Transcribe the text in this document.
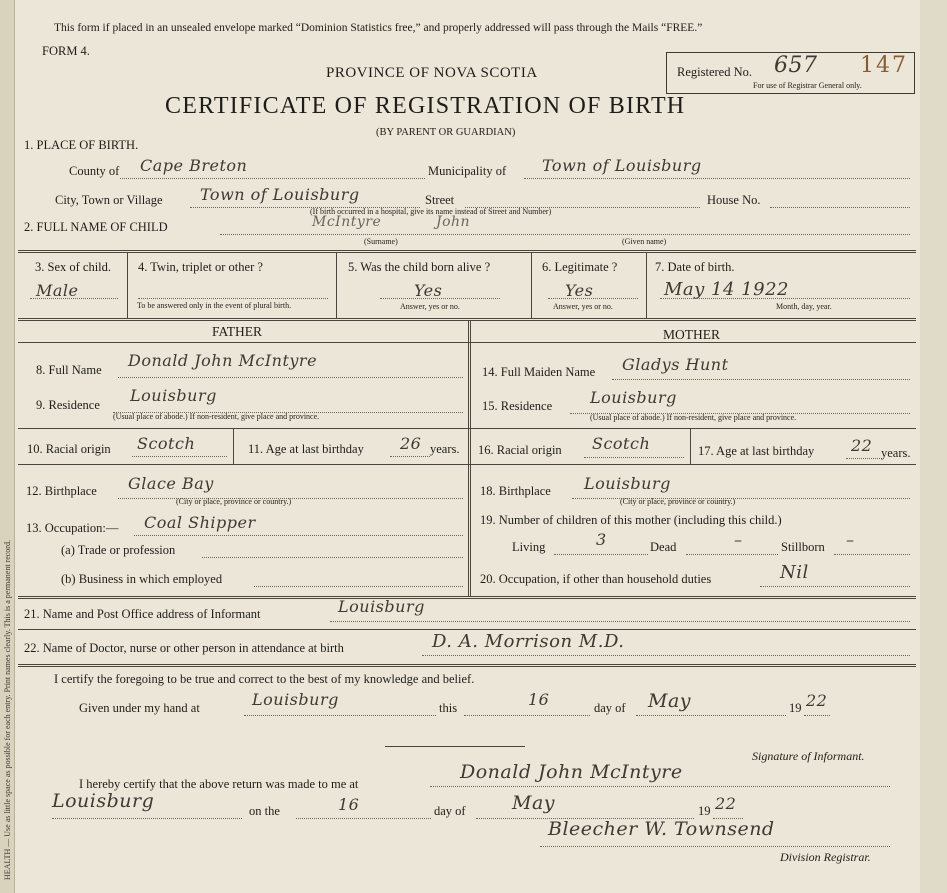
HEALTH — Use as little space as possible for each entry. Print names clearly. This is a permanent record.
This form if placed in an unsealed envelope marked “Dominion Statistics free,” and properly addressed will pass through the Mails “FREE.”
FORM 4.
PROVINCE OF NOVA SCOTIA
CERTIFICATE OF REGISTRATION OF BIRTH
(BY PARENT OR GUARDIAN)
Registered No. 657 147
For use of Registrar General only.
1. PLACE OF BIRTH.
County of Cape Breton	Municipality of Town of Louisburg
City, Town or Village Town of Louisburg	Street
(If birth occurred in a hospital, give its name instead of Street and Number)
House No.
2. FULL NAME OF CHILD	McIntyre	John
(Surname)	(Given name)
3. Sex of child.
Male
4. Twin, triplet or other ?
To be answered only in the event of plural birth.
5. Was the child born alive ?
Yes
Answer, yes or no.
6. Legitimate ?
Yes
Answer, yes or no.
7. Date of birth.
May 14 1922
Month, day, year.
FATHER	MOTHER
8. Full Name Donald John McIntyre
9. Residence Louisburg
(Usual place of abode.) If non-resident, give place and province.
10. Racial origin Scotch	11. Age at last birthday 26 years.
12. Birthplace Glace Bay
(City or place, province or country.)
13. Occupation:— Coal Shipper
(a) Trade or profession
(b) Business in which employed
14. Full Maiden Name Gladys Hunt
15. Residence Louisburg
(Usual place of abode.) If non-resident, give place and province.
16. Racial origin Scotch	17. Age at last birthday 22 years.
18. Birthplace Louisburg
(City or place, province or country.)
19. Number of children of this mother (including this child.)
Living	3	Dead	–	Stillborn –
20. Occupation, if other than household duties	Nil
21. Name and Post Office address of Informant	Louisburg
22. Name of Doctor, nurse or other person in attendance at birth	D. A. Morrison M.D.
I certify the foregoing to be true and correct to the best of my knowledge and belief.
Given under my hand at	Louisburg	this	16	day of May	19 22
Signature of Informant.
Donald John McIntyre
I hereby certify that the above return was made to me at
Louisburg	on the	16	day of May	19 22
Bleecher W. Townsend
Division Registrar.
